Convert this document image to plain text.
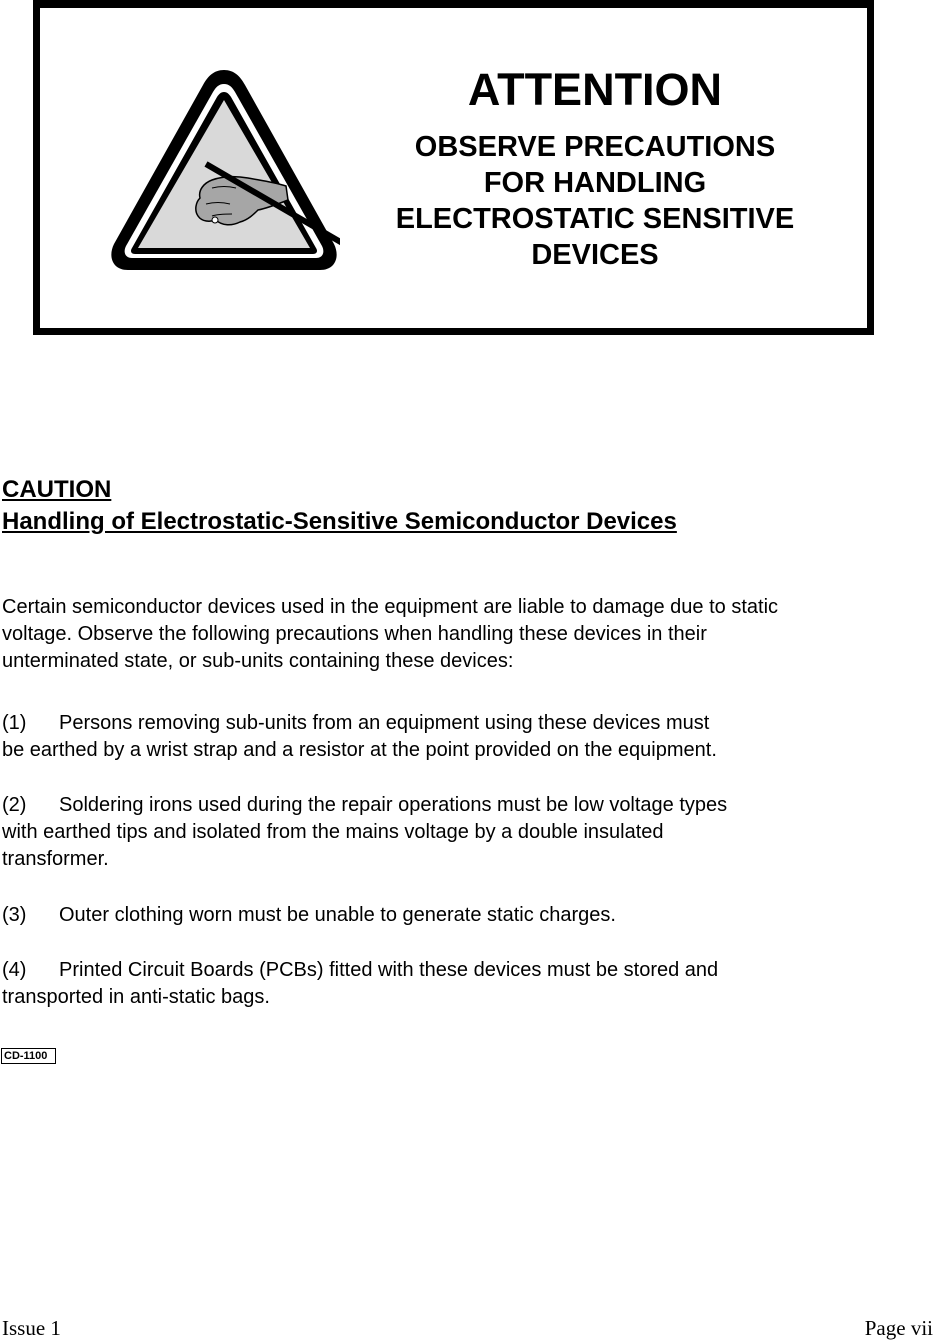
ATTENTION
OBSERVE PRECAUTIONS
FOR HANDLING
ELECTROSTATIC SENSITIVE
DEVICES
CAUTION
Handling of Electrostatic-Sensitive Semiconductor Devices
Certain semiconductor devices used in the equipment are liable to damage due to static
voltage. Observe the following precautions when handling these devices in their
unterminated state, or sub-units containing these devices:
(1) Persons removing sub-units from an equipment using these devices must
be earthed by a wrist strap and a resistor at the point provided on the equipment.
(2) Soldering irons used during the repair operations must be low voltage types
with earthed tips and isolated from the mains voltage by a double insulated
transformer.
(3) Outer clothing worn must be unable to generate static charges.
(4) Printed Circuit Boards (PCBs) fitted with these devices must be stored and
transported in anti-static bags.
CD-1100
Issue 1	Page vii
